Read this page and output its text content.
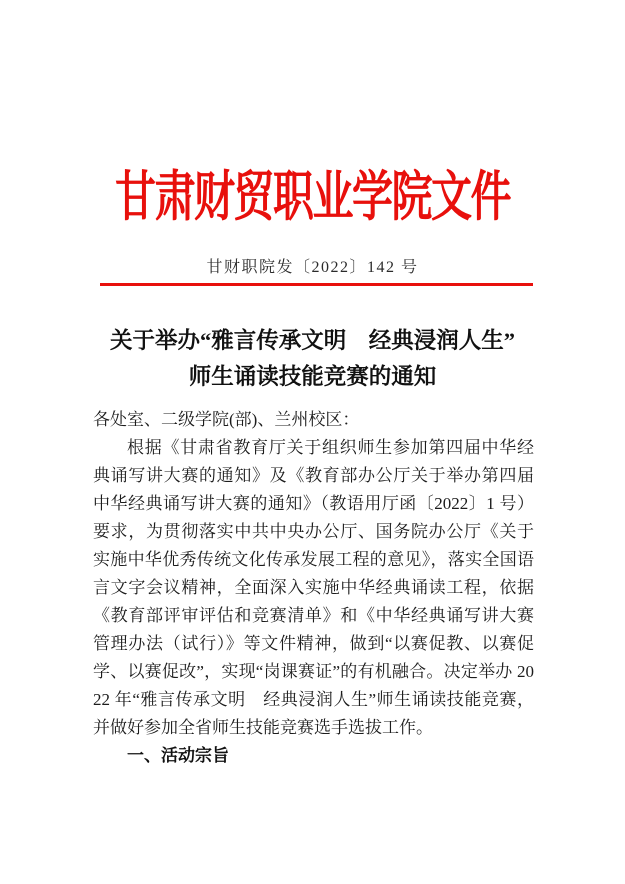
甘肃财贸职业学院文件
甘财职院发〔2022〕142 号
关于举办“雅言传承文明　经典浸润人生”
师生诵读技能竞赛的通知

各处室、二级学院(部)、兰州校区：

根据《甘肃省教育厅关于组织师生参加第四届中华经典诵写讲大赛的通知》及《教育部办公厅关于举办第四届中华经典诵写讲大赛的通知》（教语用厅函〔2022〕1 号）要求，为贯彻落实中共中央办公厅、国务院办公厅《关于实施中华优秀传统文化传承发展工程的意见》，落实全国语言文字会议精神，全面深入实施中华经典诵读工程，依据《教育部评审评估和竞赛清单》和《中华经典诵写讲大赛管理办法（试行）》等文件精神，做到“以赛促教、以赛促学、以赛促改”，实现“岗课赛证”的有机融合。决定举办 2022 年“雅言传承文明　经典浸润人生”师生诵读技能竞赛，并做好参加全省师生技能竞赛选手选拔工作。

一、活动宗旨
